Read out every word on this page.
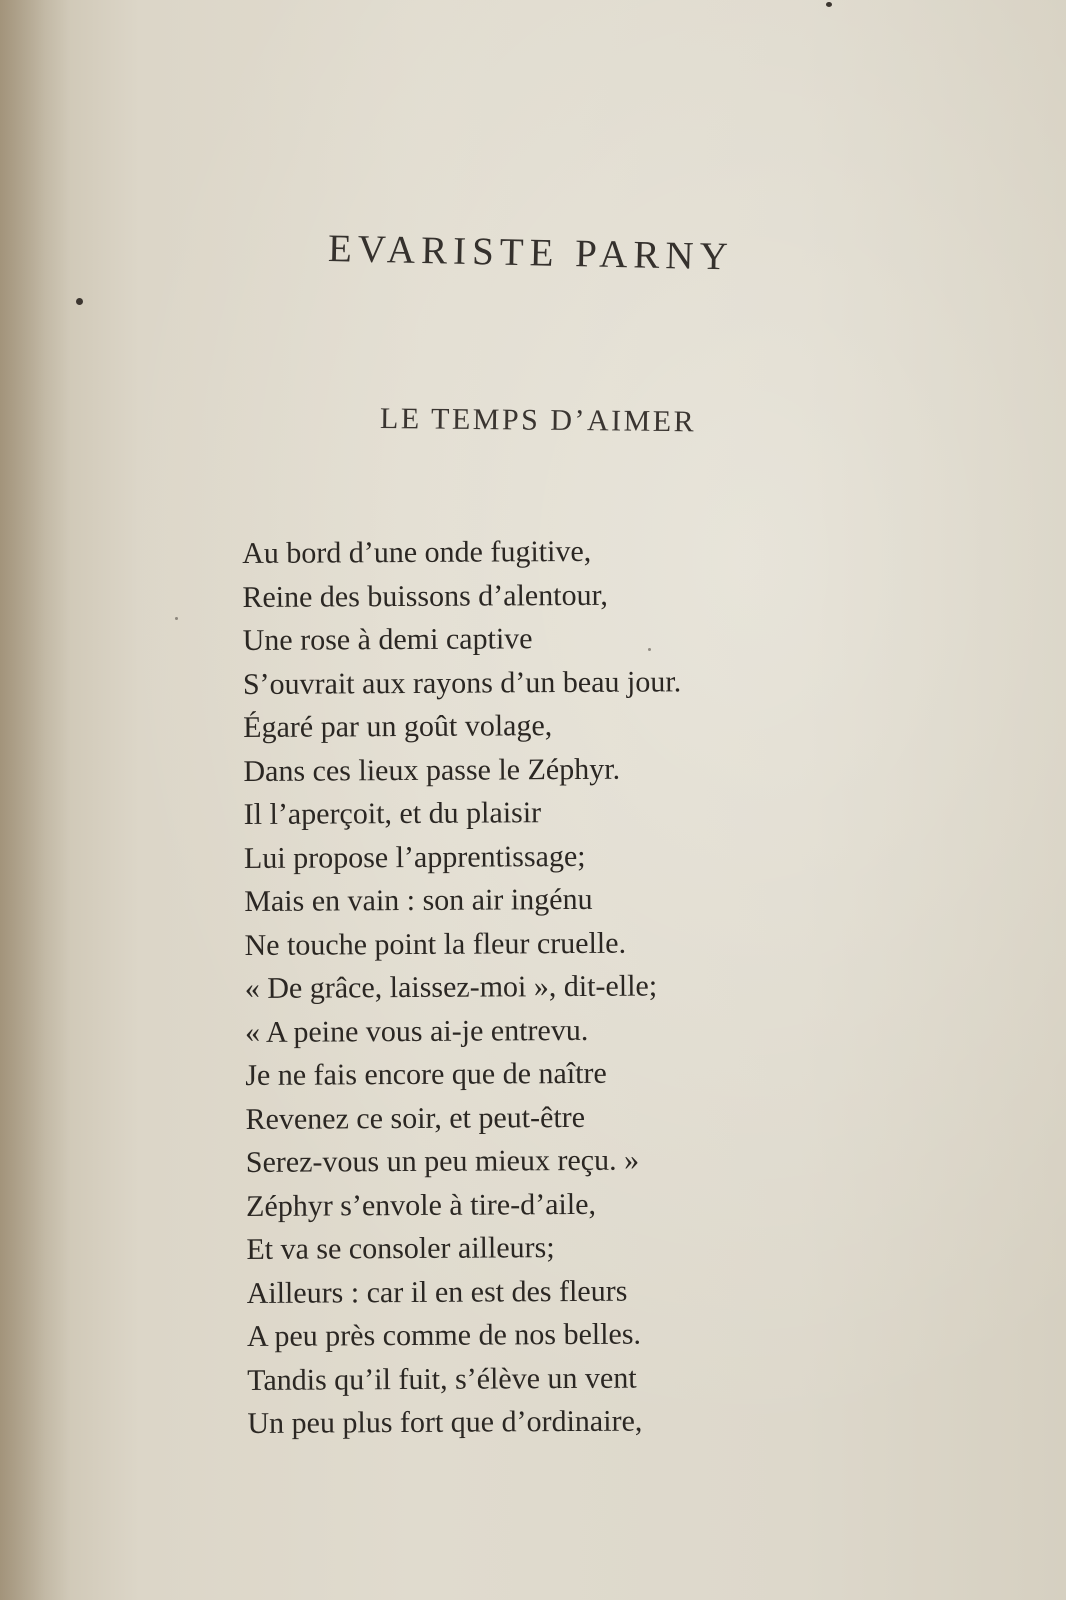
EVARISTE PARNY
LE TEMPS D’AIMER
Au bord d’une onde fugitive,
Reine des buissons d’alentour,
Une rose à demi captive
S’ouvrait aux rayons d’un beau jour.
Égaré par un goût volage,
Dans ces lieux passe le Zéphyr.
Il l’aperçoit, et du plaisir
Lui propose l’apprentissage;
Mais en vain : son air ingénu
Ne touche point la fleur cruelle.
« De grâce, laissez-moi », dit-elle;
« A peine vous ai-je entrevu.
Je ne fais encore que de naître
Revenez ce soir, et peut-être
Serez-vous un peu mieux reçu. »
Zéphyr s’envole à tire-d’aile,
Et va se consoler ailleurs;
Ailleurs : car il en est des fleurs
A peu près comme de nos belles.
Tandis qu’il fuit, s’élève un vent
Un peu plus fort que d’ordinaire,
